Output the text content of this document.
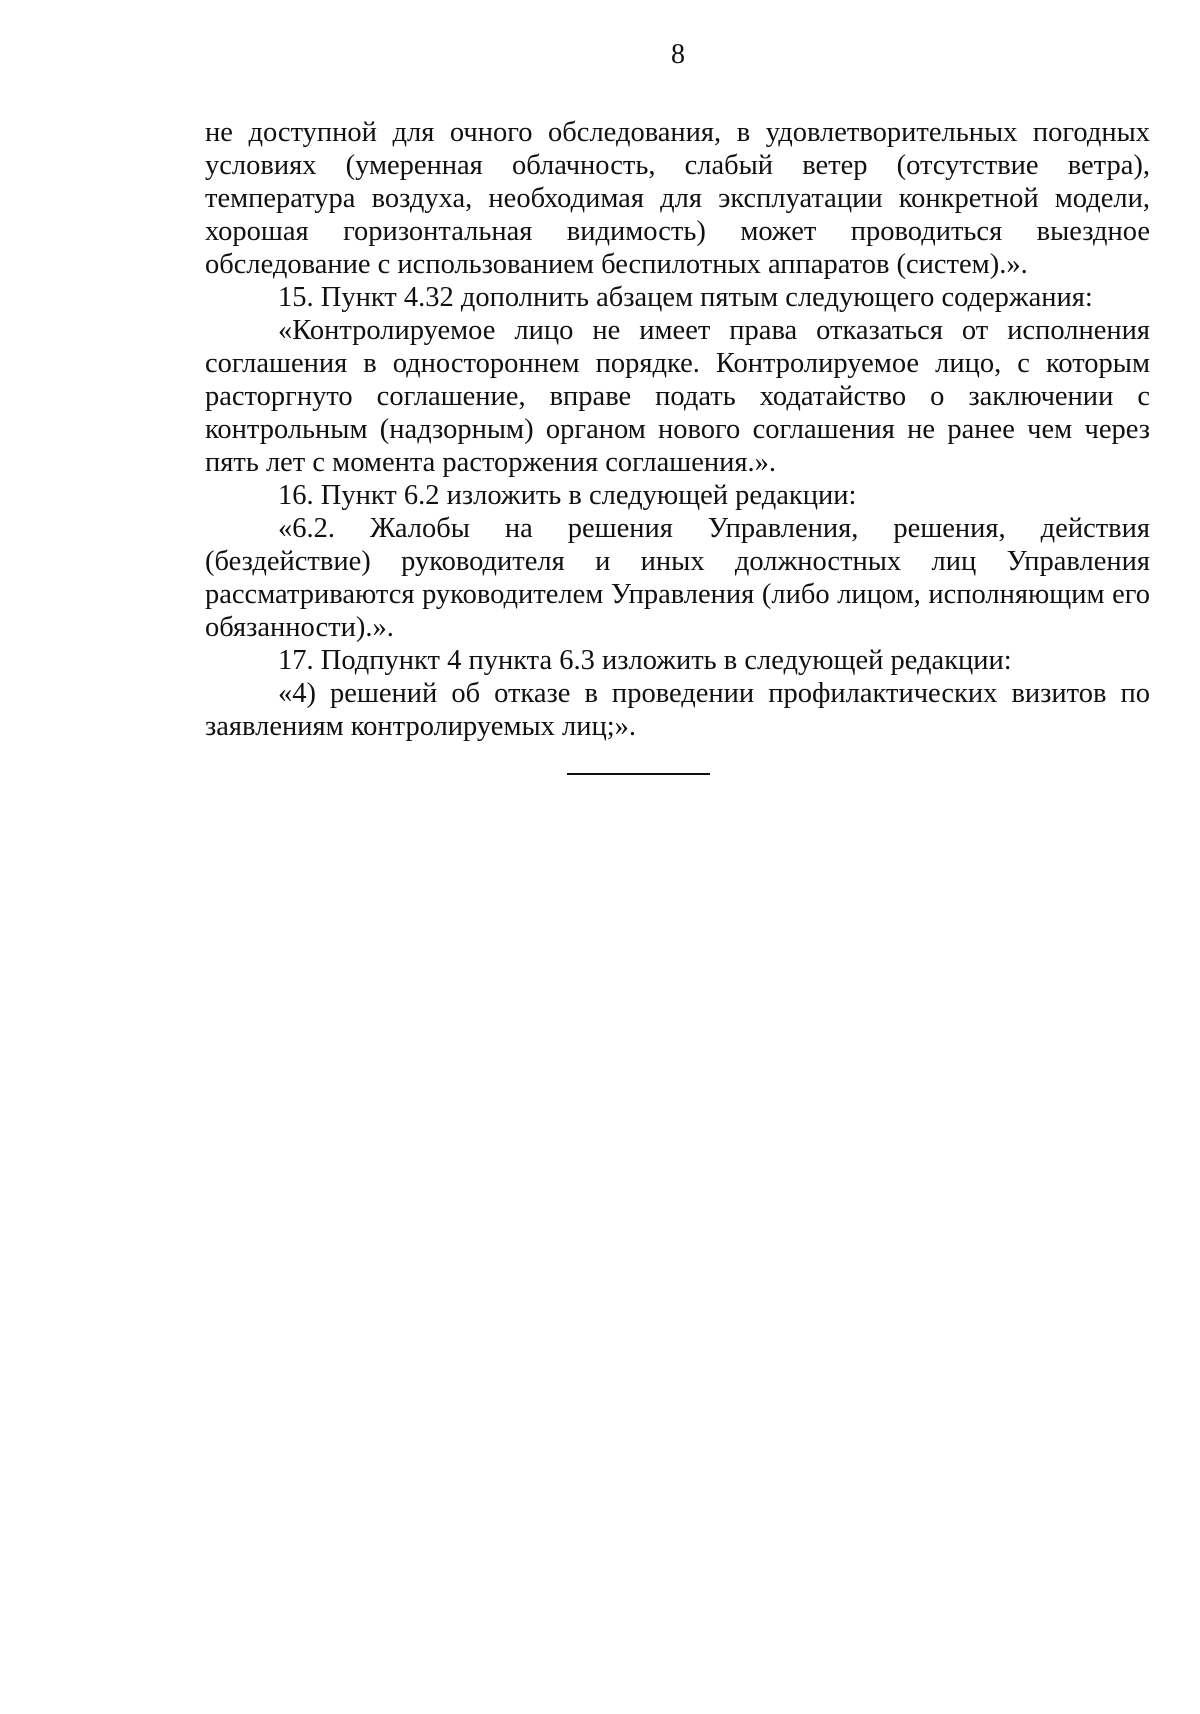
8

не доступной для очного обследования, в удовлетворительных погодных условиях (умеренная облачность, слабый ветер (отсутствие ветра), температура воздуха, необходимая для эксплуатации конкретной модели, хорошая горизонтальная видимость) может проводиться выездное обследование с использованием беспилотных аппаратов (систем).».

15. Пункт 4.32 дополнить абзацем пятым следующего содержания:

«Контролируемое лицо не имеет права отказаться от исполнения соглашения в одностороннем порядке. Контролируемое лицо, с которым расторгнуто соглашение, вправе подать ходатайство о заключении с контрольным (надзорным) органом нового соглашения не ранее чем через пять лет с момента расторжения соглашения.».

16. Пункт 6.2 изложить в следующей редакции:

«6.2. Жалобы на решения Управления, решения, действия (бездействие) руководителя и иных должностных лиц Управления рассматриваются руководителем Управления (либо лицом, исполняющим его обязанности).».

17. Подпункт 4 пункта 6.3 изложить в следующей редакции:

«4) решений об отказе в проведении профилактических визитов по заявлениям контролируемых лиц;».
